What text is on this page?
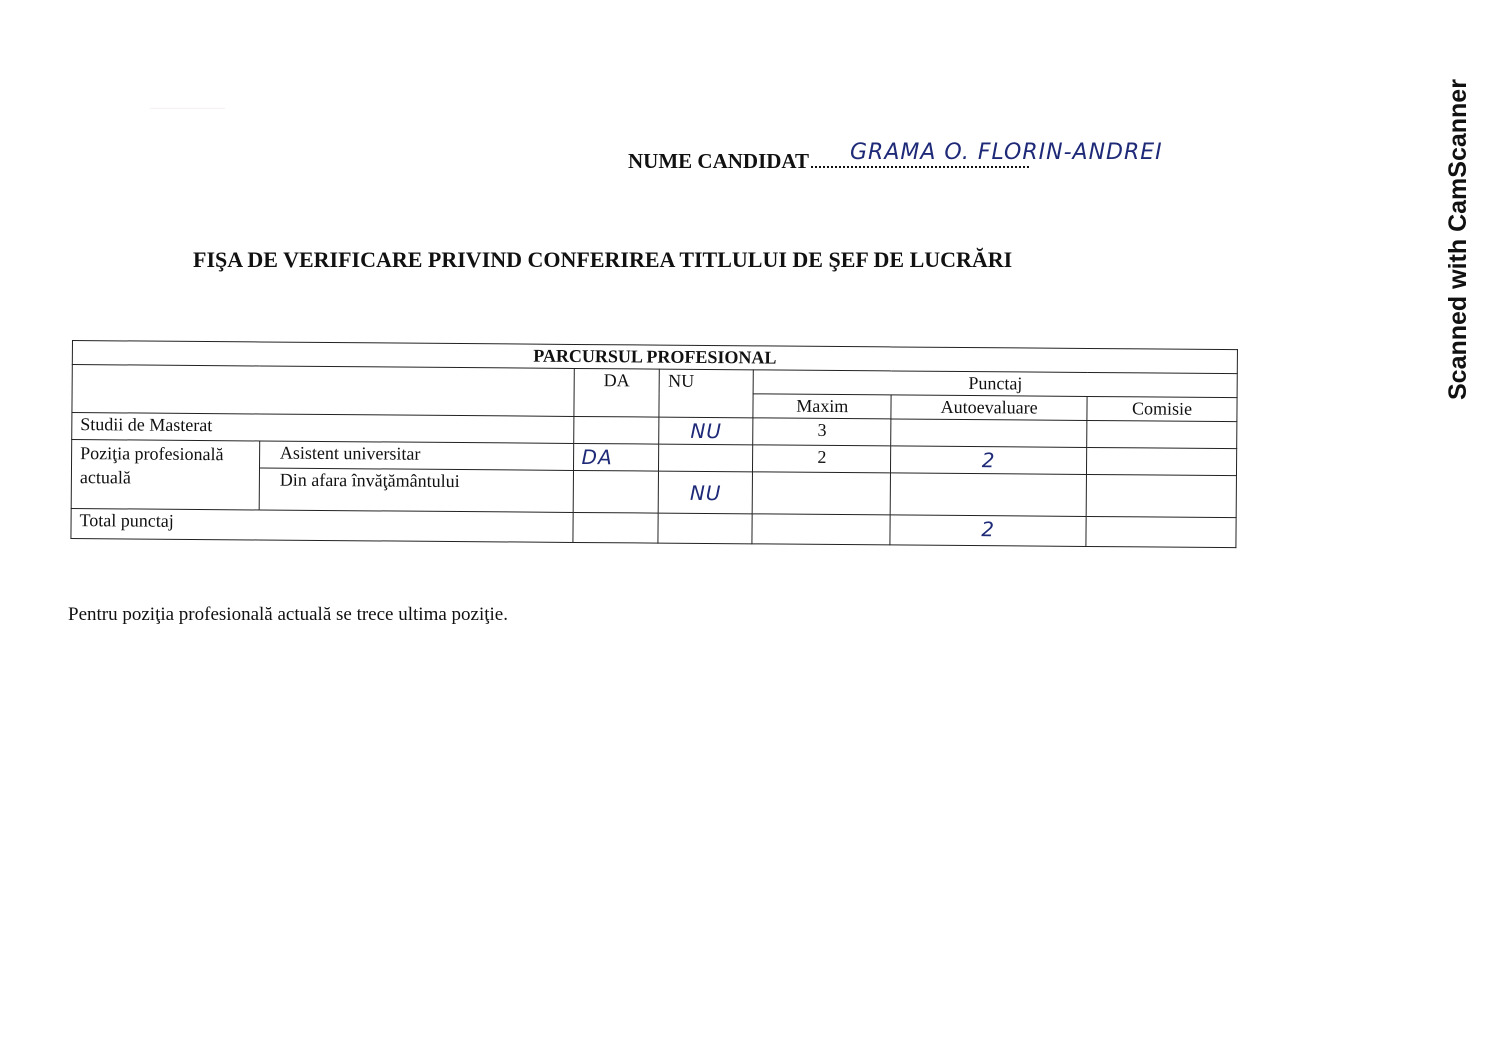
‒‒‒‒‒‒‒‒‒‒
NUME CANDIDAT GRAMA O. FLORIN-ANDREI
FIŞA DE VERIFICARE PRIVIND CONFERIREA TITLULUI DE ŞEF DE LUCRĂRI
PARCURSUL PROFESIONAL						
		DA	NU	Punctaj		
				Maxim	Autoevaluare	Comisie
Studii de Masterat			NU	3		
Poziţia profesională actuală	Asistent universitar	DA		2	2	
	Din afara învăţământului		NU			
Total punctaj					2	
Pentru poziţia profesională actuală se trece ultima poziţie.
Scanned with CamScanner
